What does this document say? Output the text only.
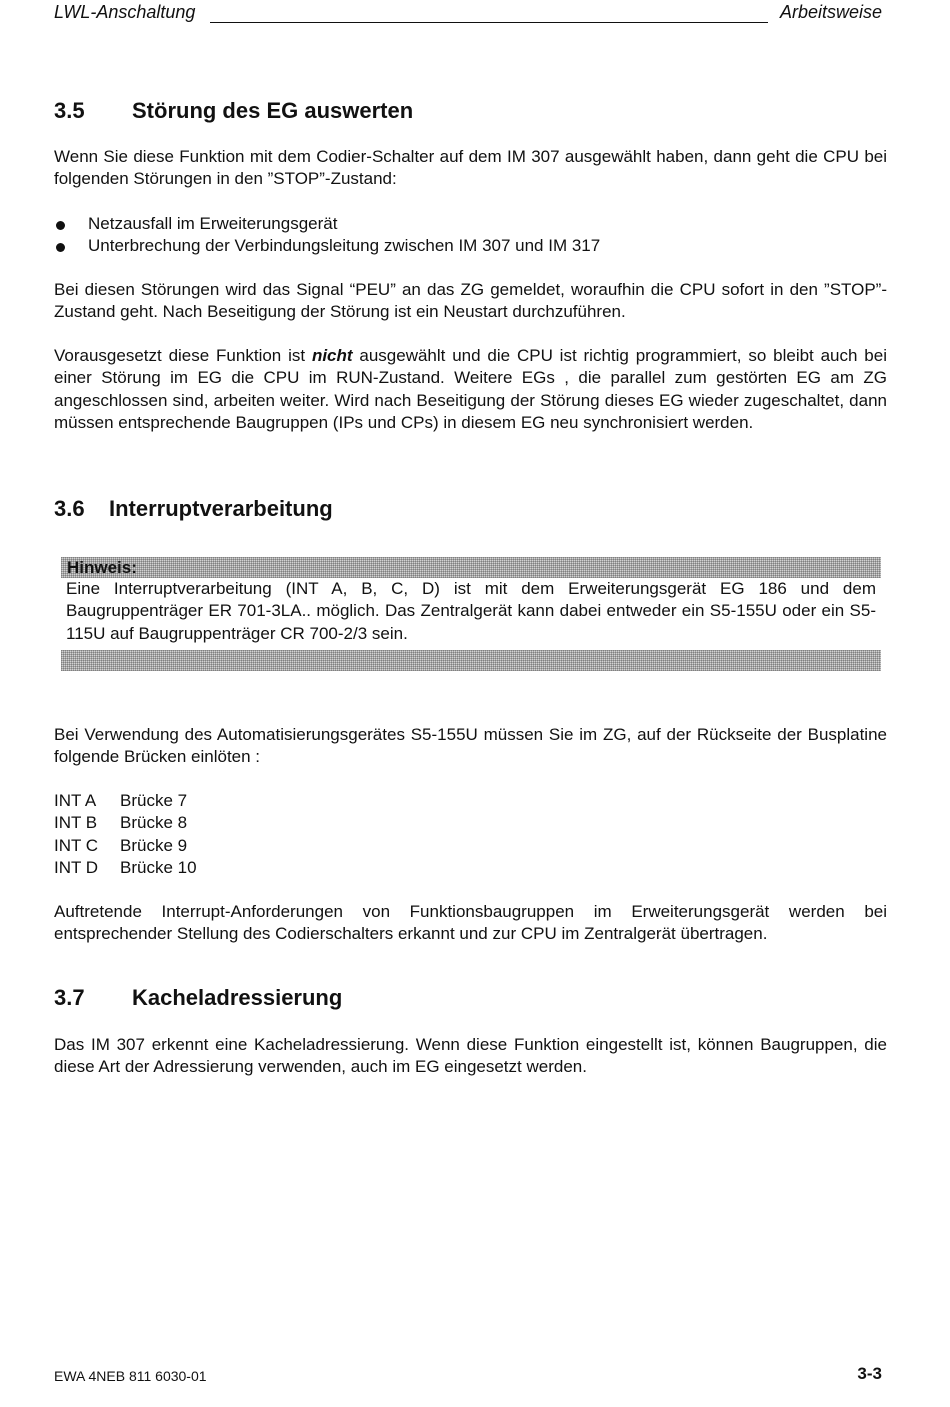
LWL-Anschaltung	Arbeitsweise
3.5 Störung des EG auswerten

Wenn Sie diese Funktion mit dem Codier-Schalter auf dem IM 307 ausgewählt haben, dann geht die CPU bei folgenden Störungen in den ”STOP”-Zustand:

Netzausfall im Erweiterungsgerät
Unterbrechung der Verbindungsleitung zwischen IM 307 und IM 317

Bei diesen Störungen wird das Signal “PEU” an das ZG gemeldet, woraufhin die CPU sofort in den ”STOP”-Zustand geht. Nach Beseitigung der Störung ist ein Neustart durchzuführen.

Vorausgesetzt diese Funktion ist nicht ausgewählt und die CPU ist richtig programmiert, so bleibt auch bei einer Störung im EG die CPU im RUN-Zustand. Weitere EGs , die parallel zum gestörten EG am ZG angeschlossen sind, arbeiten weiter. Wird nach Beseitigung der Störung dieses EG wieder zugeschaltet, dann müssen entsprechende Baugruppen (IPs und CPs) in diesem EG neu synchronisiert werden.

3.6 Interruptverarbeitung
Hinweis:

Eine Interruptverarbeitung (INT A, B, C, D) ist mit dem Erweiterungsgerät EG 186 und dem Baugruppenträger ER 701-3LA.. möglich. Das Zentralgerät kann dabei entweder ein S5-155U oder ein S5- 115U auf Baugruppenträger CR 700-2/3 sein.

Bei Verwendung des Automatisierungsgerätes S5-155U müssen Sie im ZG, auf der Rückseite der Busplatine folgende Brücken einlöten :

INT A Brücke 7
INT B Brücke 8
INT C Brücke 9
INT D Brücke 10

Auftretende Interrupt-Anforderungen von Funktionsbaugruppen im Erweiterungsgerät werden bei entsprechender Stellung des Codierschalters erkannt und zur CPU im Zentralgerät übertragen.

3.7 Kacheladressierung

Das IM 307 erkennt eine Kacheladressierung. Wenn diese Funktion eingestellt ist, können Baugruppen, die diese Art der Adressierung verwenden, auch im EG eingesetzt werden.

EWA 4NEB 811 6030-01	3-3
